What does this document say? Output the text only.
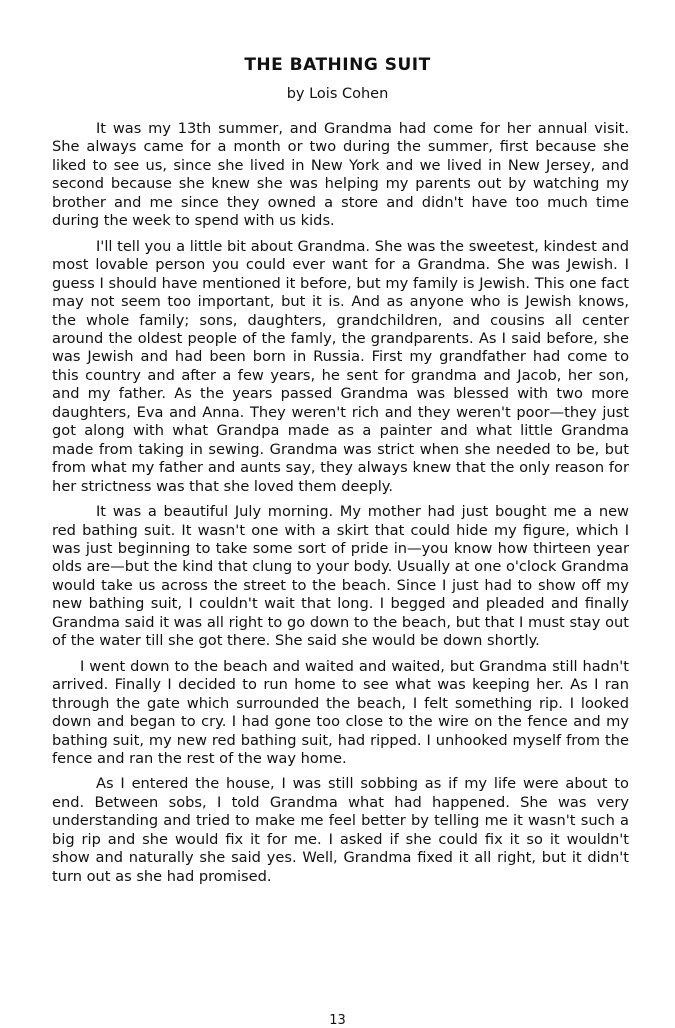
THE BATHING SUIT

by Lois Cohen

It was my 13th summer, and Grandma had come for her annual visit. She always came for a month or two during the summer, first because she liked to see us, since she lived in New York and we lived in New Jersey, and second because she knew she was helping my parents out by watching my brother and me since they owned a store and didn't have too much time during the week to spend with us kids.

I'll tell you a little bit about Grandma. She was the sweetest, kindest and most lovable person you could ever want for a Grandma. She was Jewish. I guess I should have mentioned it before, but my family is Jewish. This one fact may not seem too important, but it is. And as anyone who is Jewish knows, the whole family; sons, daughters, grandchildren, and cousins all center around the oldest people of the famly, the grandparents. As I said before, she was Jewish and had been born in Russia. First my grandfather had come to this country and after a few years, he sent for grandma and Jacob, her son, and my father. As the years passed Grandma was blessed with two more daughters, Eva and Anna. They weren't rich and they weren't poor—they just got along with what Grandpa made as a painter and what little Grandma made from taking in sewing. Grandma was strict when she needed to be, but from what my father and aunts say, they always knew that the only reason for her strictness was that she loved them deeply.

It was a beautiful July morning. My mother had just bought me a new red bathing suit. It wasn't one with a skirt that could hide my figure, which I was just beginning to take some sort of pride in—you know how thirteen year olds are—but the kind that clung to your body. Usually at one o'clock Grandma would take us across the street to the beach. Since I just had to show off my new bathing suit, I couldn't wait that long. I begged and pleaded and finally Grandma said it was all right to go down to the beach, but that I must stay out of the water till she got there. She said she would be down shortly.

I went down to the beach and waited and waited, but Grandma still hadn't arrived. Finally I decided to run home to see what was keeping her. As I ran through the gate which surrounded the beach, I felt something rip. I looked down and began to cry. I had gone too close to the wire on the fence and my bathing suit, my new red bathing suit, had ripped. I unhooked myself from the fence and ran the rest of the way home.

As I entered the house, I was still sobbing as if my life were about to end. Between sobs, I told Grandma what had happened. She was very understanding and tried to make me feel better by telling me it wasn't such a big rip and she would fix it for me. I asked if she could fix it so it wouldn't show and naturally she said yes. Well, Grandma fixed it all right, but it didn't turn out as she had promised.

13
